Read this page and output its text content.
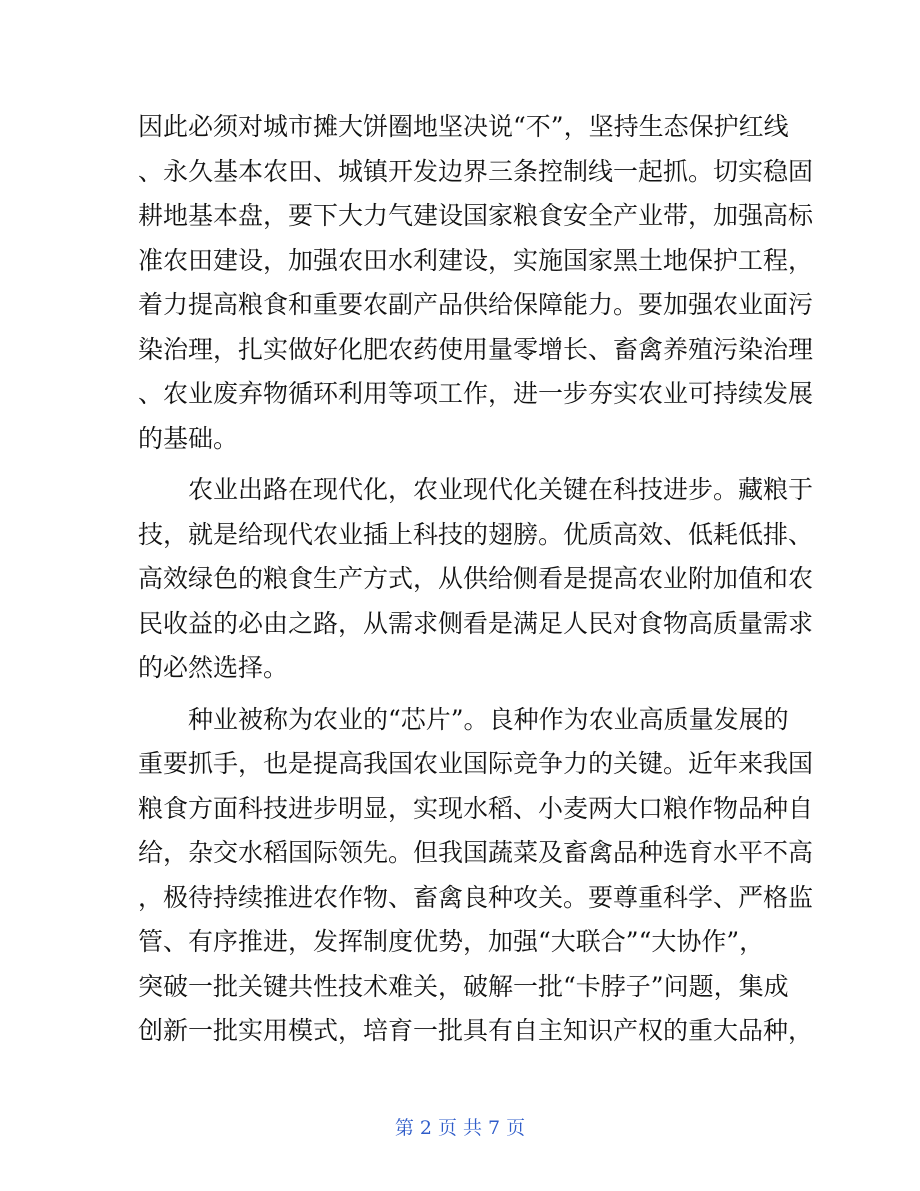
因此必须对城市摊大饼圈地坚决说“不”，坚持生态保护红线
、永久基本农田、城镇开发边界三条控制线一起抓。切实稳固
耕地基本盘，要下大力气建设国家粮食安全产业带，加强高标
准农田建设，加强农田水利建设，实施国家黑土地保护工程，
着力提高粮食和重要农副产品供给保障能力。要加强农业面污
染治理，扎实做好化肥农药使用量零增长、畜禽养殖污染治理
、农业废弃物循环利用等项工作，进一步夯实农业可持续发展
的基础。
农业出路在现代化，农业现代化关键在科技进步。藏粮于
技，就是给现代农业插上科技的翅膀。优质高效、低耗低排、
高效绿色的粮食生产方式，从供给侧看是提高农业附加值和农
民收益的必由之路，从需求侧看是满足人民对食物高质量需求
的必然选择。
种业被称为农业的“芯片”。良种作为农业高质量发展的
重要抓手，也是提高我国农业国际竞争力的关键。近年来我国
粮食方面科技进步明显，实现水稻、小麦两大口粮作物品种自
给，杂交水稻国际领先。但我国蔬菜及畜禽品种选育水平不高
，极待持续推进农作物、畜禽良种攻关。要尊重科学、严格监
管、有序推进，发挥制度优势，加强“大联合”“大协作”，
突破一批关键共性技术难关，破解一批“卡脖子”问题，集成
创新一批实用模式，培育一批具有自主知识产权的重大品种，
第 2 页 共 7 页
